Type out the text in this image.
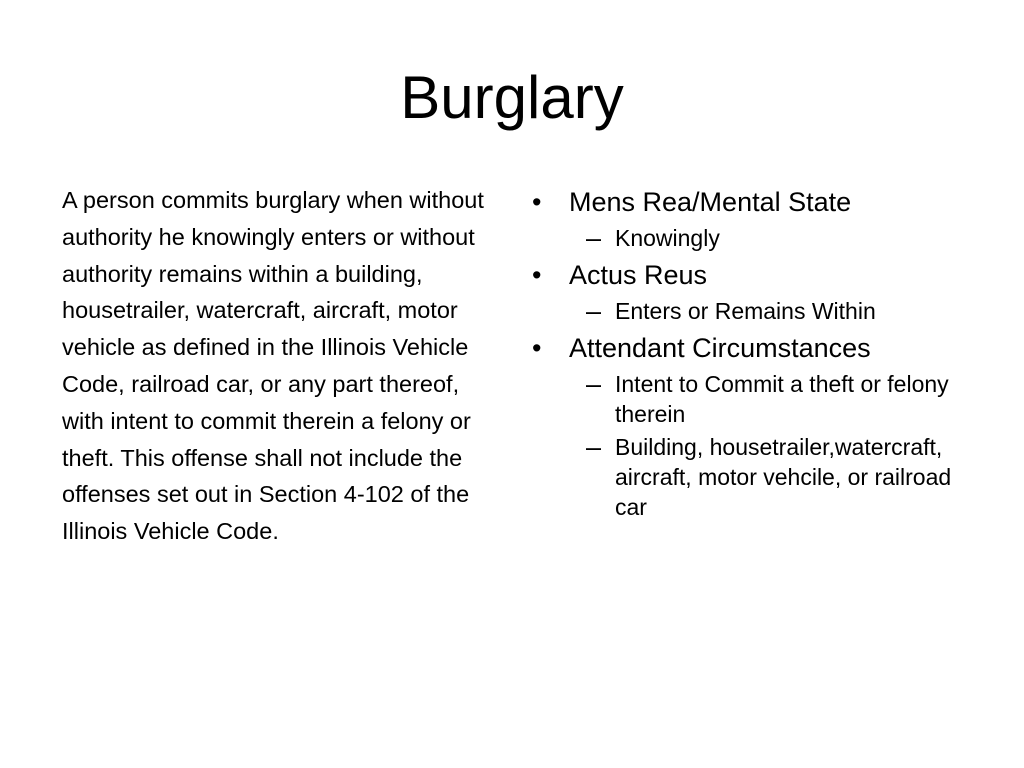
Burglary
A person commits burglary when without authority he knowingly enters or without authority remains within a building, housetrailer, watercraft, aircraft, motor vehicle as defined in the Illinois Vehicle Code, railroad car, or any part thereof, with intent to commit therein a felony or theft. This offense shall not include the offenses set out in Section 4-102 of the Illinois Vehicle Code.
•	Mens Rea/Mental State
– Knowingly
•	Actus Reus
– Enters or Remains Within
•	Attendant Circumstances
– Intent to Commit a theft or felony therein
– Building, housetrailer,watercraft, aircraft, motor vehcile, or railroad car
